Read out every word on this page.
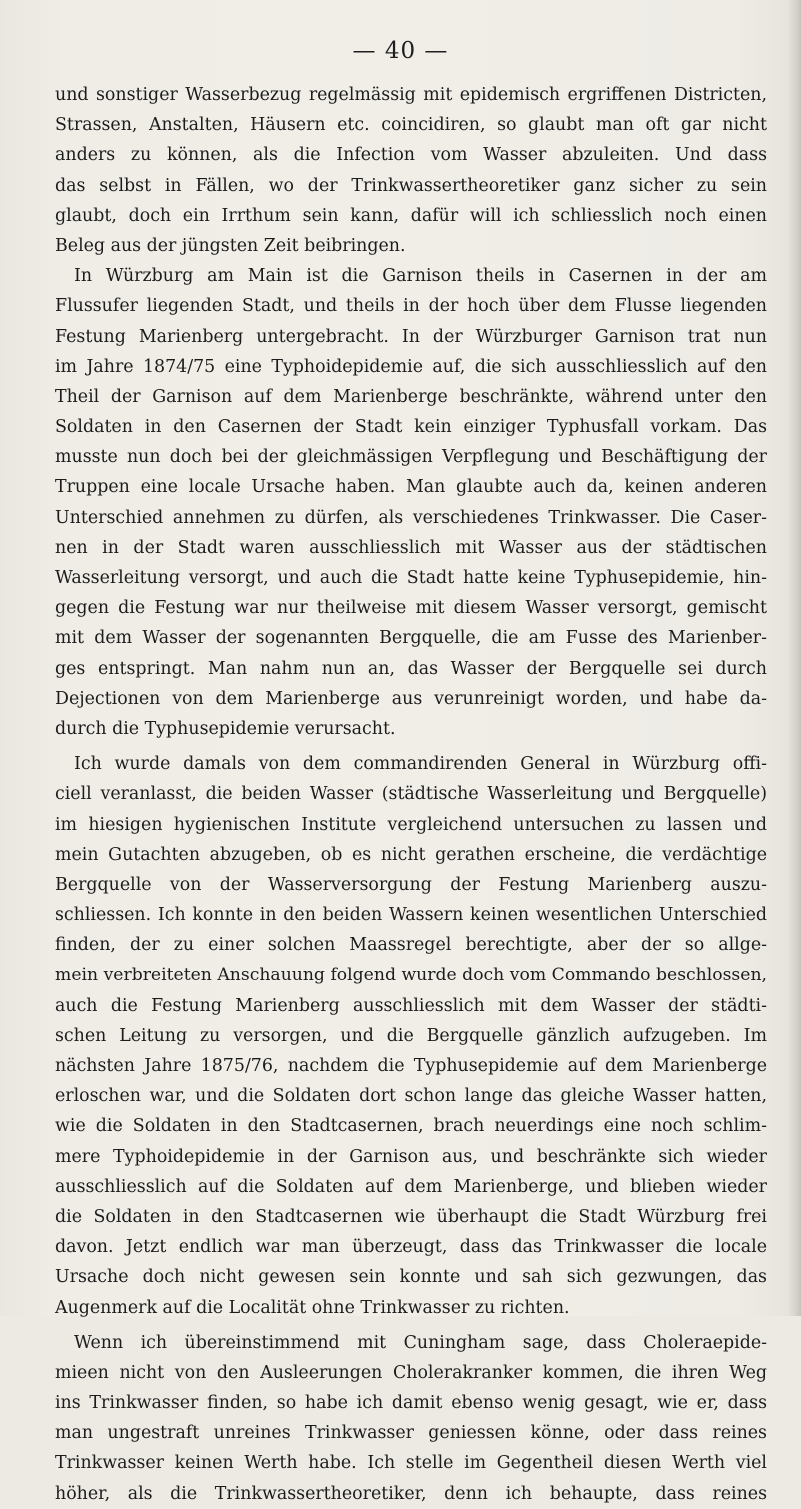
— 40 —
und sonstiger Wasserbezug regelmässig mit epidemisch ergriffenen Districten,
Strassen, Anstalten, Häusern etc. coincidiren, so glaubt man oft gar nicht
anders zu können, als die Infection vom Wasser abzuleiten. Und dass
das selbst in Fällen, wo der Trinkwassertheoretiker ganz sicher zu sein
glaubt, doch ein Irrthum sein kann, dafür will ich schliesslich noch einen
Beleg aus der jüngsten Zeit beibringen.
In Würzburg am Main ist die Garnison theils in Casernen in der am
Flussufer liegenden Stadt, und theils in der hoch über dem Flusse liegenden
Festung Marienberg untergebracht. In der Würzburger Garnison trat nun
im Jahre 1874/75 eine Typhoidepidemie auf, die sich ausschliesslich auf den
Theil der Garnison auf dem Marienberge beschränkte, während unter den
Soldaten in den Casernen der Stadt kein einziger Typhusfall vorkam. Das
musste nun doch bei der gleichmässigen Verpflegung und Beschäftigung der
Truppen eine locale Ursache haben. Man glaubte auch da, keinen anderen
Unterschied annehmen zu dürfen, als verschiedenes Trinkwasser. Die Caser-
nen in der Stadt waren ausschliesslich mit Wasser aus der städtischen
Wasserleitung versorgt, und auch die Stadt hatte keine Typhusepidemie, hin-
gegen die Festung war nur theilweise mit diesem Wasser versorgt, gemischt
mit dem Wasser der sogenannten Bergquelle, die am Fusse des Marienber-
ges entspringt. Man nahm nun an, das Wasser der Bergquelle sei durch
Dejectionen von dem Marienberge aus verunreinigt worden, und habe da-
durch die Typhusepidemie verursacht.
Ich wurde damals von dem commandirenden General in Würzburg offi-
ciell veranlasst, die beiden Wasser (städtische Wasserleitung und Bergquelle)
im hiesigen hygienischen Institute vergleichend untersuchen zu lassen und
mein Gutachten abzugeben, ob es nicht gerathen erscheine, die verdächtige
Bergquelle von der Wasserversorgung der Festung Marienberg auszu-
schliessen. Ich konnte in den beiden Wassern keinen wesentlichen Unterschied
finden, der zu einer solchen Maassregel berechtigte, aber der so allge-
mein verbreiteten Anschauung folgend wurde doch vom Commando beschlossen,
auch die Festung Marienberg ausschliesslich mit dem Wasser der städti-
schen Leitung zu versorgen, und die Bergquelle gänzlich aufzugeben. Im
nächsten Jahre 1875/76, nachdem die Typhusepidemie auf dem Marienberge
erloschen war, und die Soldaten dort schon lange das gleiche Wasser hatten,
wie die Soldaten in den Stadtcasernen, brach neuerdings eine noch schlim-
mere Typhoidepidemie in der Garnison aus, und beschränkte sich wieder
ausschliesslich auf die Soldaten auf dem Marienberge, und blieben wieder
die Soldaten in den Stadtcasernen wie überhaupt die Stadt Würzburg frei
davon. Jetzt endlich war man überzeugt, dass das Trinkwasser die locale
Ursache doch nicht gewesen sein konnte und sah sich gezwungen, das
Augenmerk auf die Localität ohne Trinkwasser zu richten.
Wenn ich übereinstimmend mit Cuningham sage, dass Choleraepide-
mieen nicht von den Ausleerungen Cholerakranker kommen, die ihren Weg
ins Trinkwasser finden, so habe ich damit ebenso wenig gesagt, wie er, dass
man ungestraft unreines Trinkwasser geniessen könne, oder dass reines
Trinkwasser keinen Werth habe. Ich stelle im Gegentheil diesen Werth viel
höher, als die Trinkwassertheoretiker, denn ich behaupte, dass reines
